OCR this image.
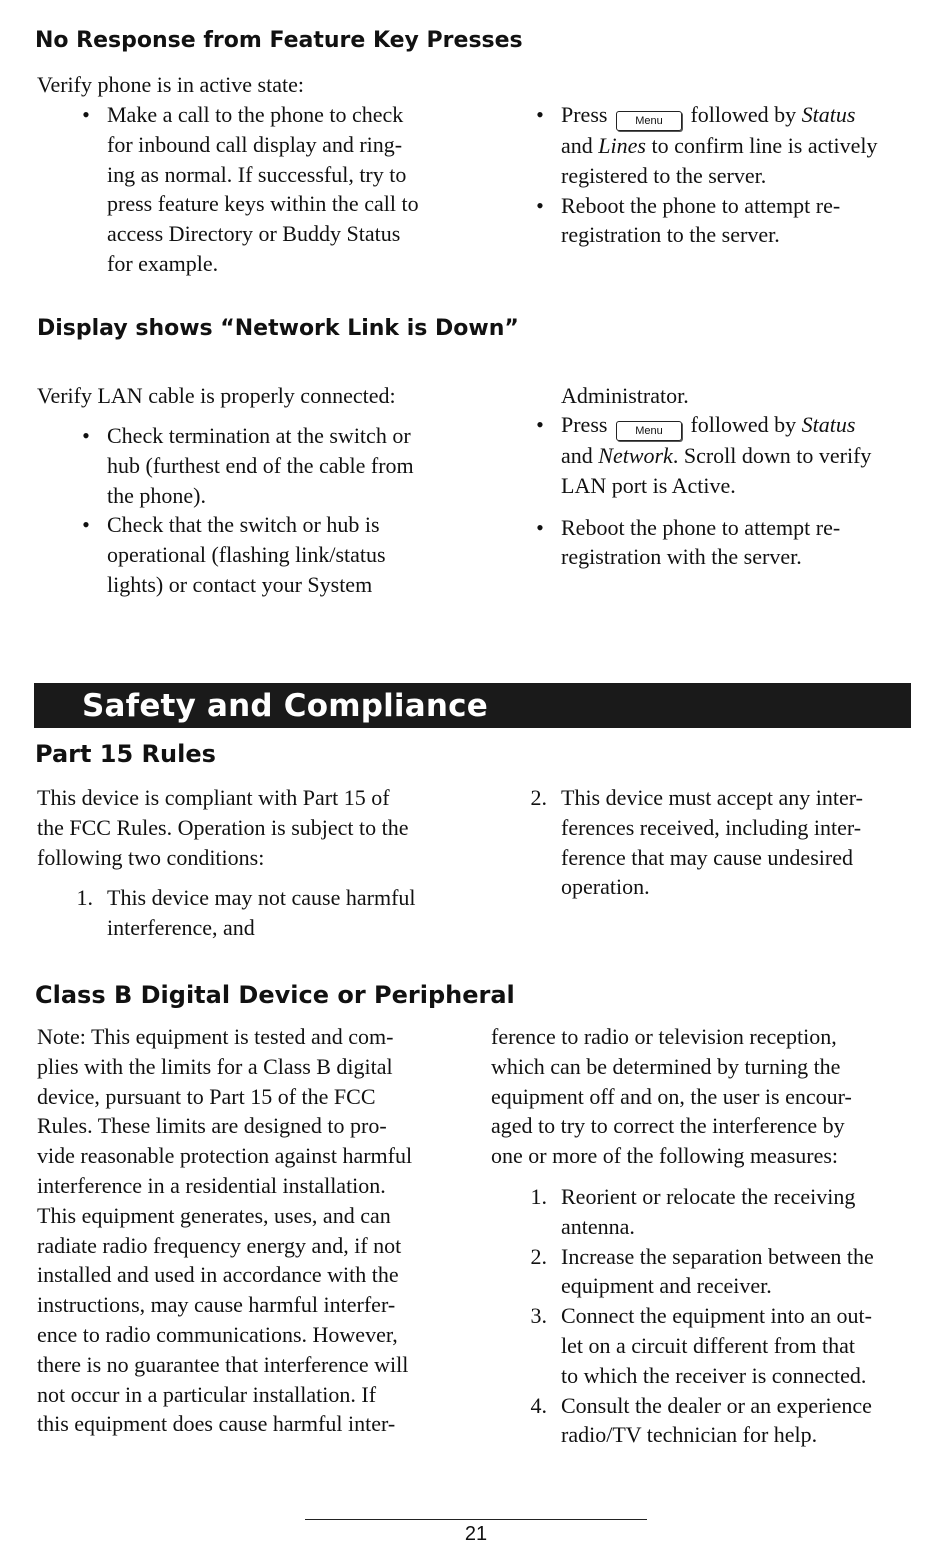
No Response from Feature Key Presses
Verify phone is in active state:
• Make a call to the phone to check
for inbound call display and ring-
ing as normal. If successful, try to
press feature keys within the call to
access Directory or Buddy Status
for example.
• Press	Menu followed by Status
and Lines to confirm line is actively
registered to the server.
• Reboot the phone to attempt re-
registration to the server.
Display shows “Network Link is Down”
Verify LAN cable is properly connected:
• Check termination at the switch or
hub (furthest end of the cable from
the phone).
• Check that the switch or hub is
operational (flashing link/status
lights) or contact your System
Administrator.
• Press	Menu followed by Status
and Network. Scroll down to verify
LAN port is Active.
• Reboot the phone to attempt re-
registration with the server.
Safety and Compliance
Part 15 Rules

This device is compliant with Part 15 of
the FCC Rules. Operation is subject to the
following two conditions:

1. This device may not cause harmful
interference, and
2. This device must accept any inter-
ferences received, including inter-
ference that may cause undesired
operation.
Class B Digital Device or Peripheral

Note: This equipment is tested and com-
plies with the limits for a Class B digital
device, pursuant to Part 15 of the FCC
Rules. These limits are designed to pro-
vide reasonable protection against harmful
interference in a residential installation.
This equipment generates, uses, and can
radiate radio frequency energy and, if not
installed and used in accordance with the
instructions, may cause harmful interfer-
ence to radio communications. However,
there is no guarantee that interference will
not occur in a particular installation. If
this equipment does cause harmful inter-

ference to radio or television reception,
which can be determined by turning the
equipment off and on, the user is encour-
aged to try to correct the interference by
one or more of the following measures:

1. Reorient or relocate the receiving
antenna.
2. Increase the separation between the
equipment and receiver.
3. Connect the equipment into an out-
let on a circuit different from that
to which the receiver is connected.
4. Consult the dealer or an experience
radio/TV technician for help.
21
